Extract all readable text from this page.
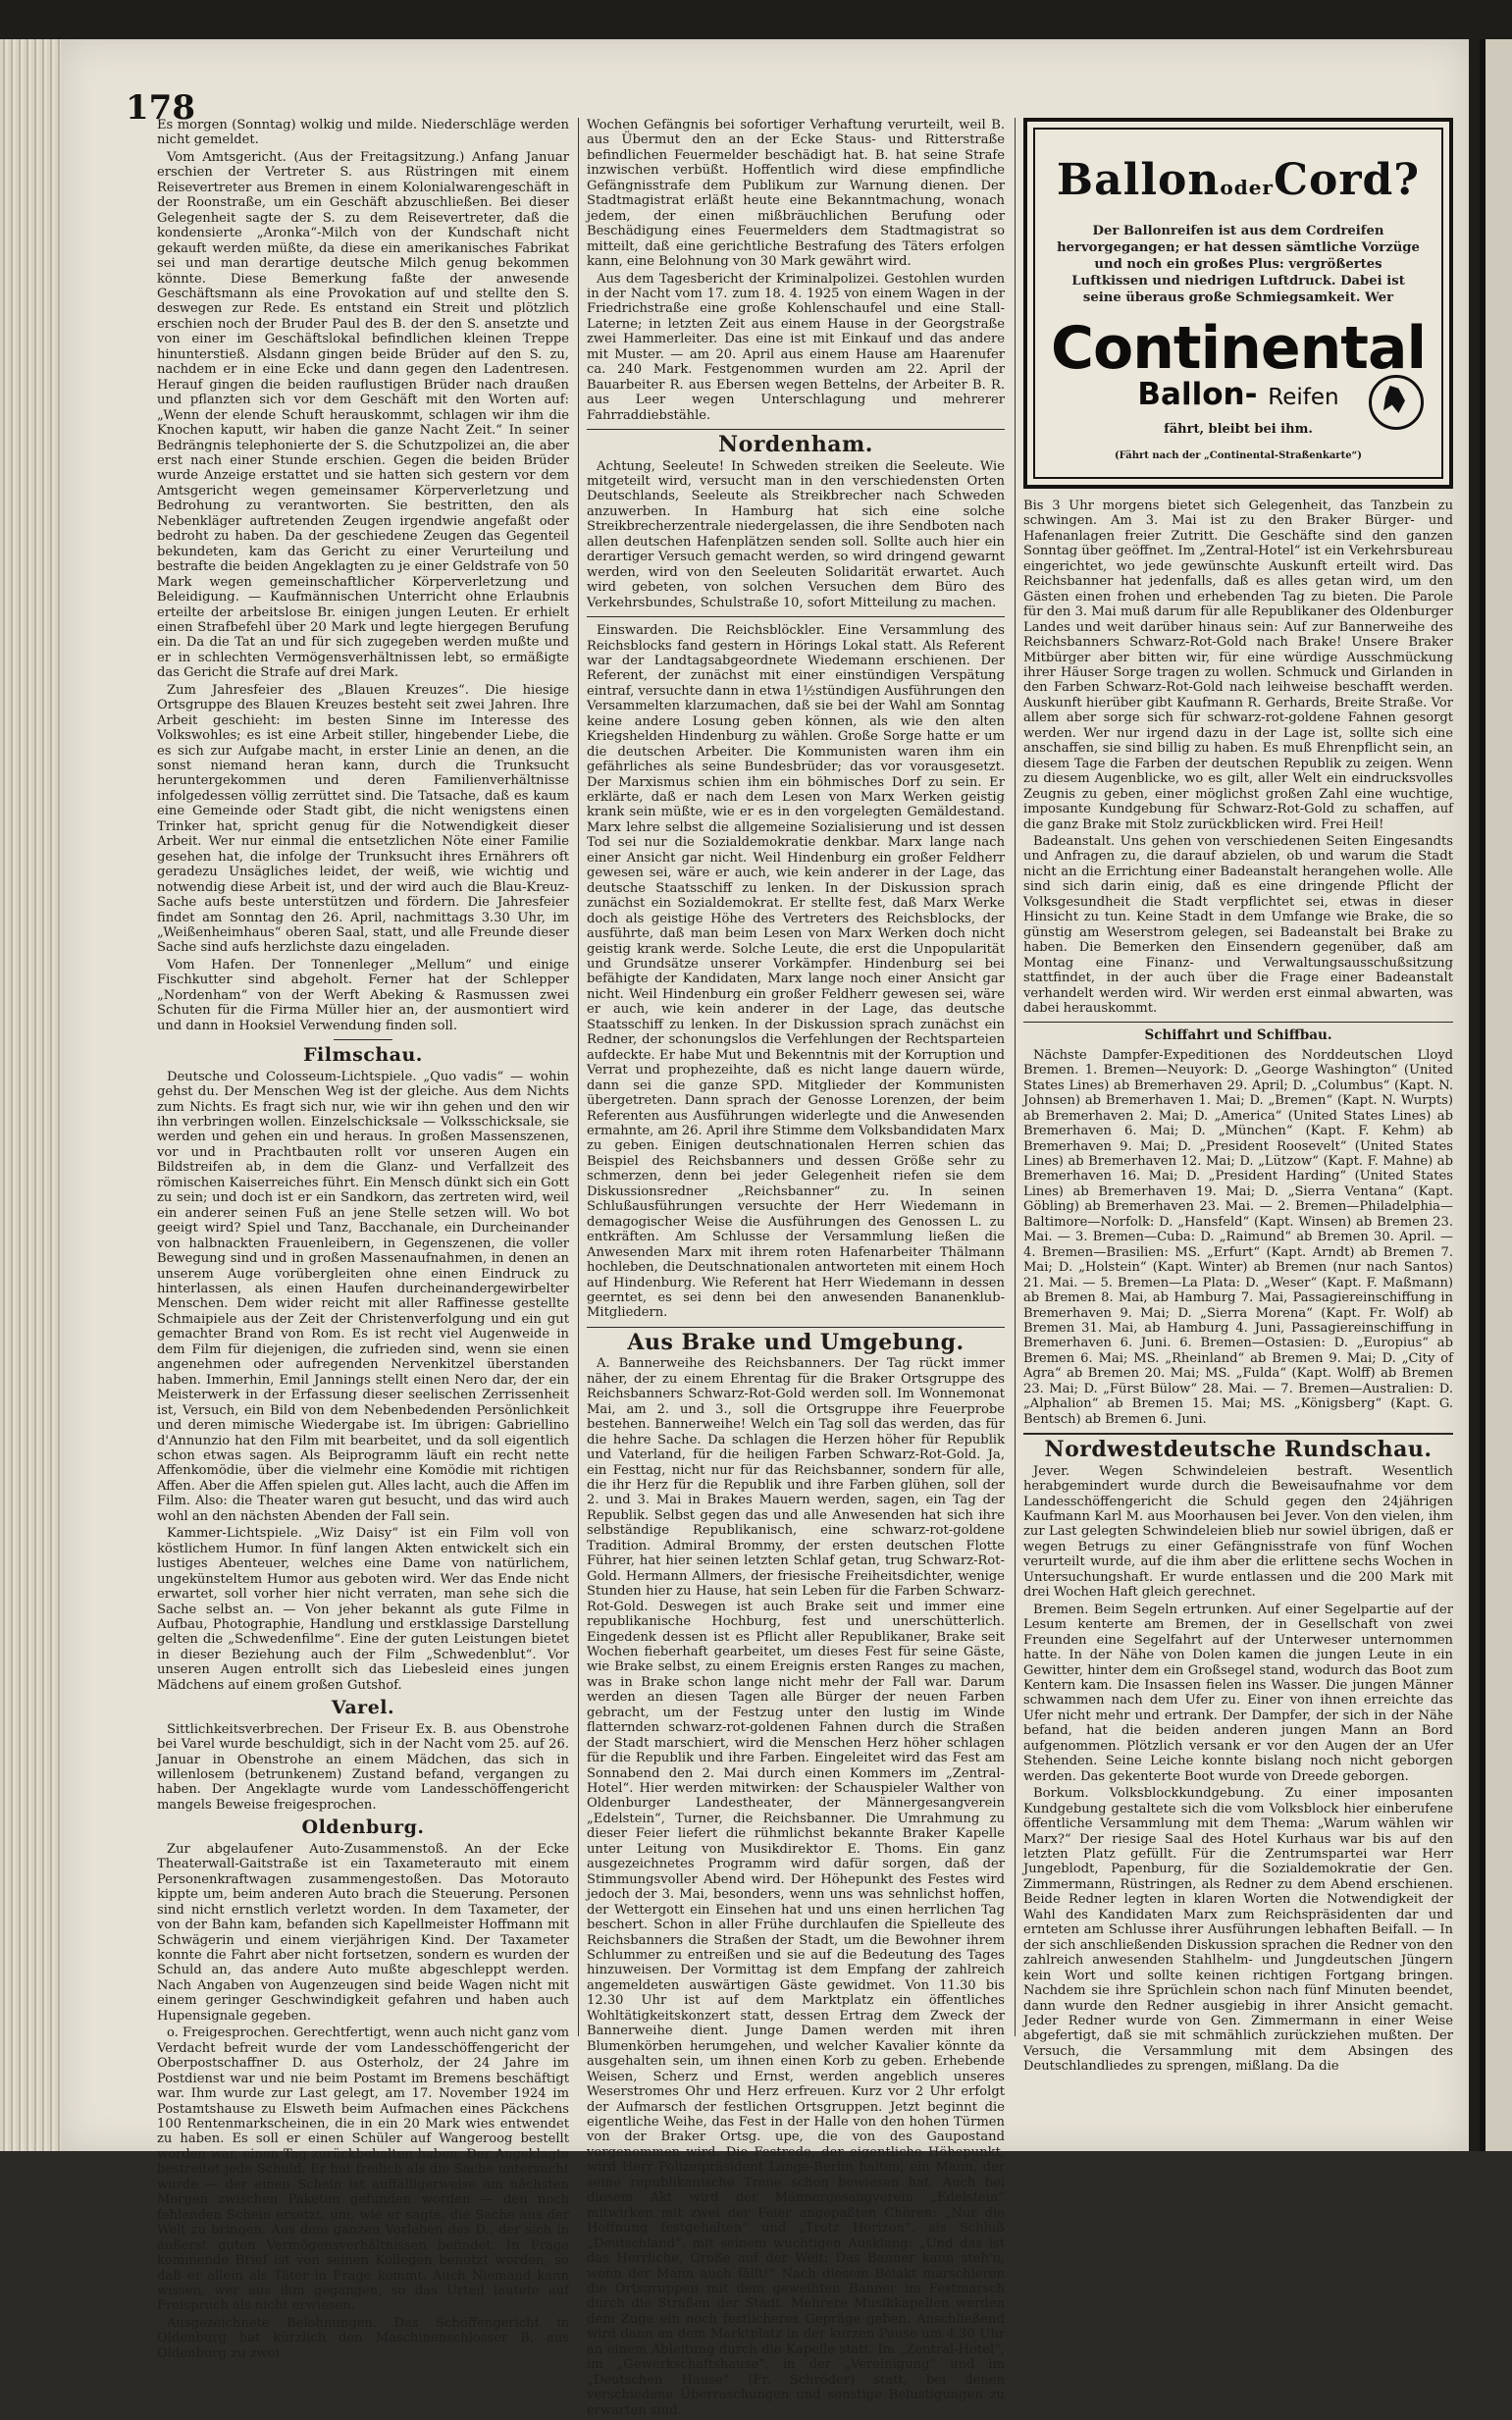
178

Es morgen (Sonntag) wolkig und milde. Niederschläge werden nicht gemeldet.

Vom Amtsgericht. (Aus der Freitagsitzung.) Anfang Januar erschien der Vertreter S. aus Rüstringen mit einem Reisevertreter aus Bremen in einem Kolonialwarengeschäft in der Roonstraße, um ein Geschäft abzuschließen. Bei dieser Gelegenheit sagte der S. zu dem Reisevertreter, daß die kondensierte „Aronka“-Milch von der Kundschaft nicht gekauft werden müßte, da diese ein amerikanisches Fabrikat sei und man derartige deutsche Milch genug bekommen könnte. Diese Bemerkung faßte der anwesende Geschäftsmann als eine Provokation auf und stellte den S. deswegen zur Rede. Es entstand ein Streit und plötzlich erschien noch der Bruder Paul des B. der den S. ansetzte und von einer im Geschäftslokal befindlichen kleinen Treppe hinunterstieß. Alsdann gingen beide Brüder auf den S. zu, nachdem er in eine Ecke und dann gegen den Ladentresen. Herauf gingen die beiden rauflustigen Brüder nach draußen und pflanzten sich vor dem Geschäft mit den Worten auf: „Wenn der elende Schuft herauskommt, schlagen wir ihm die Knochen kaputt, wir haben die ganze Nacht Zeit.“ In seiner Bedrängnis telephonierte der S. die Schutzpolizei an, die aber erst nach einer Stunde erschien. Gegen die beiden Brüder wurde Anzeige erstattet und sie hatten sich gestern vor dem Amtsgericht wegen gemeinsamer Körperverletzung und Bedrohung zu verantworten. Sie bestritten, den als Nebenkläger auftretenden Zeugen irgendwie angefaßt oder bedroht zu haben. Da der geschiedene Zeugen das Gegenteil bekundeten, kam das Gericht zu einer Verurteilung und bestrafte die beiden Angeklagten zu je einer Geldstrafe von 50 Mark wegen gemeinschaftlicher Körperverletzung und Beleidigung. — Kaufmännischen Unterricht ohne Erlaubnis erteilte der arbeitslose Br. einigen jungen Leuten. Er erhielt einen Strafbefehl über 20 Mark und legte hiergegen Berufung ein. Da die Tat an und für sich zugegeben werden mußte und er in schlechten Vermögensverhältnissen lebt, so ermäßigte das Gericht die Strafe auf drei Mark.

Zum Jahresfeier des „Blauen Kreuzes“. Die hiesige Ortsgruppe des Blauen Kreuzes besteht seit zwei Jahren. Ihre Arbeit geschieht: im besten Sinne im Interesse des Volkswohles; es ist eine Arbeit stiller, hingebender Liebe, die es sich zur Aufgabe macht, in erster Linie an denen, an die sonst niemand heran kann, durch die Trunksucht heruntergekommen und deren Familienverhältnisse infolgedessen völlig zerrüttet sind. Die Tatsache, daß es kaum eine Gemeinde oder Stadt gibt, die nicht wenigstens einen Trinker hat, spricht genug für die Notwendigkeit dieser Arbeit. Wer nur einmal die entsetzlichen Nöte einer Familie gesehen hat, die infolge der Trunksucht ihres Ernährers oft geradezu Unsägliches leidet, der weiß, wie wichtig und notwendig diese Arbeit ist, und der wird auch die Blau-Kreuz-Sache aufs beste unterstützen und fördern. Die Jahresfeier findet am Sonntag den 26. April, nachmittags 3.30 Uhr, im „Weißenheimhaus“ oberen Saal, statt, und alle Freunde dieser Sache sind aufs herzlichste dazu eingeladen.

Vom Hafen. Der Tonnenleger „Mellum“ und einige Fischkutter sind abgeholt. Ferner hat der Schlepper „Nordenham“ von der Werft Abeking & Rasmussen zwei Schuten für die Firma Müller hier an, der ausmontiert wird und dann in Hooksiel Verwendung finden soll.

Filmschau.

Deutsche und Colosseum-Lichtspiele. „Quo vadis“ — wohin gehst du. Der Menschen Weg ist der gleiche. Aus dem Nichts zum Nichts. Es fragt sich nur, wie wir ihn gehen und den wir ihn verbringen wollen. Einzelschicksale — Volksschicksale, sie werden und gehen ein und heraus. In großen Massenszenen, vor und in Prachtbauten rollt vor unseren Augen ein Bildstreifen ab, in dem die Glanz- und Verfallzeit des römischen Kaiserreiches führt. Ein Mensch dünkt sich ein Gott zu sein; und doch ist er ein Sandkorn, das zertreten wird, weil ein anderer seinen Fuß an jene Stelle setzen will. Wo bot geeigt wird? Spiel und Tanz, Bacchanale, ein Durcheinander von halbnackten Frauenleibern, in Gegenszenen, die voller Bewegung sind und in großen Massenaufnahmen, in denen an unserem Auge vorübergleiten ohne einen Eindruck zu hinterlassen, als einen Haufen durcheinandergewirbelter Menschen. Dem wider reicht mit aller Raffinesse gestellte Schmaipiele aus der Zeit der Christenverfolgung und ein gut gemachter Brand von Rom. Es ist recht viel Augenweide in dem Film für diejenigen, die zufrieden sind, wenn sie einen angenehmen oder aufregenden Nervenkitzel überstanden haben. Immerhin, Emil Jannings stellt einen Nero dar, der ein Meisterwerk in der Erfassung dieser seelischen Zerrissenheit ist, Versuch, ein Bild von dem Nebenbedenden Persönlichkeit und deren mimische Wiedergabe ist. Im übrigen: Gabriellino d'Annunzio hat den Film mit bearbeitet, und da soll eigentlich schon etwas sagen. Als Beiprogramm läuft ein recht nette Affenkomödie, über die vielmehr eine Komödie mit richtigen Affen. Aber die Affen spielen gut. Alles lacht, auch die Affen im Film. Also: die Theater waren gut besucht, und das wird auch wohl an den nächsten Abenden der Fall sein.

Kammer-Lichtspiele. „Wiz Daisy“ ist ein Film voll von köstlichem Humor. In fünf langen Akten entwickelt sich ein lustiges Abenteuer, welches eine Dame von natürlichem, ungekünsteltem Humor aus geboten wird. Wer das Ende nicht erwartet, soll vorher hier nicht verraten, man sehe sich die Sache selbst an. — Von jeher bekannt als gute Filme in Aufbau, Photographie, Handlung und erstklassige Darstellung gelten die „Schwedenfilme“. Eine der guten Leistungen bietet in dieser Beziehung auch der Film „Schwedenblut“. Vor unseren Augen entrollt sich das Liebesleid eines jungen Mädchens auf einem großen Gutshof.

Varel.

Sittlichkeitsverbrechen. Der Friseur Ex. B. aus Obenstrohe bei Varel wurde beschuldigt, sich in der Nacht vom 25. auf 26. Januar in Obenstrohe an einem Mädchen, das sich in willenlosem (betrunkenem) Zustand befand, vergangen zu haben. Der Angeklagte wurde vom Landesschöffengericht mangels Beweise freigesprochen.

Oldenburg.

Zur abgelaufener Auto-Zusammenstoß. An der Ecke Theaterwall-Gaitstraße ist ein Taxameterauto mit einem Personenkraftwagen zusammengestoßen. Das Motorauto kippte um, beim anderen Auto brach die Steuerung. Personen sind nicht ernstlich verletzt worden. In dem Taxameter, der von der Bahn kam, befanden sich Kapellmeister Hoffmann mit Schwägerin und einem vierjährigen Kind. Der Taxameter konnte die Fahrt aber nicht fortsetzen, sondern es wurden der Schuld an, das andere Auto mußte abgeschleppt werden. Nach Angaben von Augenzeugen sind beide Wagen nicht mit einem geringer Geschwindigkeit gefahren und haben auch Hupensignale gegeben.

o. Freigesprochen. Gerechtfertigt, wenn auch nicht ganz vom Verdacht befreit wurde der vom Landesschöffengericht der Oberpostschaffner D. aus Osterholz, der 24 Jahre im Postdienst war und nie beim Postamt im Bremens beschäftigt war. Ihm wurde zur Last gelegt, am 17. November 1924 im Postamtshause zu Elsweth beim Aufmachen eines Päckchens 100 Rentenmarkscheinen, die in ein 20 Mark wies entwendet zu haben. Es soll er einen Schüler auf Wangeroog bestellt worden war, einen Tag zurückbehalten haben. Der Angeklagte bestreitet jede Schuld. Er hat freilich als die Sache untersucht wurde — der einen Schein ist auffälligerweise am nächsten Morgen zwischen Paketen gefunden worden — den noch fehlenden Schein ersetzt, um, wie er sagte, die Sache aus der Welt zu bringen. Aus dem ganzen Vorleben des D., der sich in äußerst guten Vermögensverhältnissen befindet. In Frage kommende Brief ist von seinen Kollegen benutzt worden, so daß er allein als Täter in Frage kommt. Auch Niemand kann wissen, wer aus ihm gegangen, so das Urteil lautete auf Freispruch als nicht erwiesen.

Ausgezeichnete Belohnungen. Das Schöffengericht in Oldenburg hat kürzlich den Maschinenschlosser B. aus Oldenburg zu zwei

Wochen Gefängnis bei sofortiger Verhaftung verurteilt, weil B. aus Übermut den an der Ecke Staus- und Ritterstraße befindlichen Feuermelder beschädigt hat. B. hat seine Strafe inzwischen verbüßt. Hoffentlich wird diese empfindliche Gefängnisstrafe dem Publikum zur Warnung dienen. Der Stadtmagistrat erläßt heute eine Bekanntmachung, wonach jedem, der einen mißbräuchlichen Berufung oder Beschädigung eines Feuermelders dem Stadtmagistrat so mitteilt, daß eine gerichtliche Bestrafung des Täters erfolgen kann, eine Belohnung von 30 Mark gewährt wird.

Aus dem Tagesbericht der Kriminalpolizei. Gestohlen wurden in der Nacht vom 17. zum 18. 4. 1925 von einem Wagen in der Friedrichstraße eine große Kohlenschaufel und eine Stall-Laterne; in letzten Zeit aus einem Hause in der Georgstraße zwei Hammerleiter. Das eine ist mit Einkauf und das andere mit Muster. — am 20. April aus einem Hause am Haarenufer ca. 240 Mark. Festgenommen wurden am 22. April der Bauarbeiter R. aus Ebersen wegen Bettelns, der Arbeiter B. R. aus Leer wegen Unterschlagung und mehrerer Fahrraddiebstähle.

Nordenham.

Achtung, Seeleute! In Schweden streiken die Seeleute. Wie mitgeteilt wird, versucht man in den verschiedensten Orten Deutschlands, Seeleute als Streikbrecher nach Schweden anzuwerben. In Hamburg hat sich eine solche Streikbrecherzentrale niedergelassen, die ihre Sendboten nach allen deutschen Hafenplätzen senden soll. Sollte auch hier ein derartiger Versuch gemacht werden, so wird dringend gewarnt werden, wird von den Seeleuten Solidarität erwartet. Auch wird gebeten, von solchen Versuchen dem Büro des Verkehrsbundes, Schulstraße 10, sofort Mitteilung zu machen.

Einswarden. Die Reichsblöckler. Eine Versammlung des Reichsblocks fand gestern in Hörings Lokal statt. Als Referent war der Landtagsabgeordnete Wiedemann erschienen. Der Referent, der zunächst mit einer einstündigen Verspätung eintraf, versuchte dann in etwa 1½stündigen Ausführungen den Versammelten klarzumachen, daß sie bei der Wahl am Sonntag keine andere Losung geben können, als wie den alten Kriegshelden Hindenburg zu wählen. Große Sorge hatte er um die deutschen Arbeiter. Die Kommunisten waren ihm ein gefährliches als seine Bundesbrüder; das vor vorausgesetzt. Der Marxismus schien ihm ein böhmisches Dorf zu sein. Er erklärte, daß er nach dem Lesen von Marx Werken geistig krank sein müßte, wie er es in den vorgelegten Gemäldestand. Marx lehre selbst die allgemeine Sozialisierung und ist dessen Tod sei nur die Sozialdemokratie denkbar. Marx lange nach einer Ansicht gar nicht. Weil Hindenburg ein großer Feldherr gewesen sei, wäre er auch, wie kein anderer in der Lage, das deutsche Staatsschiff zu lenken. In der Diskussion sprach zunächst ein Sozialdemokrat. Er stellte fest, daß Marx Werke doch als geistige Höhe des Vertreters des Reichsblocks, der ausführte, daß man beim Lesen von Marx Werken doch nicht geistig krank werde. Solche Leute, die erst die Unpopularität und Grundsätze unserer Vorkämpfer. Hindenburg sei bei befähigte der Kandidaten, Marx lange noch einer Ansicht gar nicht. Weil Hindenburg ein großer Feldherr gewesen sei, wäre er auch, wie kein anderer in der Lage, das deutsche Staatsschiff zu lenken. In der Diskussion sprach zunächst ein Redner, der schonungslos die Verfehlungen der Rechtsparteien aufdeckte. Er habe Mut und Bekenntnis mit der Korruption und Verrat und prophezeihte, daß es nicht lange dauern würde, dann sei die ganze SPD. Mitglieder der Kommunisten übergetreten. Dann sprach der Genosse Lorenzen, der beim Referenten aus Ausführungen widerlegte und die Anwesenden ermahnte, am 26. April ihre Stimme dem Volksbandidaten Marx zu geben. Einigen deutschnationalen Herren schien das Beispiel des Reichsbanners und dessen Größe sehr zu schmerzen, denn bei jeder Gelegenheit riefen sie dem Diskussionsredner „Reichsbanner“ zu. In seinen Schlußausführungen versuchte der Herr Wiedemann in demagogischer Weise die Ausführungen des Genossen L. zu entkräften. Am Schlusse der Versammlung ließen die Anwesenden Marx mit ihrem roten Hafenarbeiter Thälmann hochleben, die Deutschnationalen antworteten mit einem Hoch auf Hindenburg. Wie Referent hat Herr Wiedemann in dessen geerntet, es sei denn bei den anwesenden Bananenklub-Mitgliedern.

Aus Brake und Umgebung.

A. Bannerweihe des Reichsbanners. Der Tag rückt immer näher, der zu einem Ehrentag für die Braker Ortsgruppe des Reichsbanners Schwarz-Rot-Gold werden soll. Im Wonnemonat Mai, am 2. und 3., soll die Ortsgruppe ihre Feuerprobe bestehen. Bannerweihe! Welch ein Tag soll das werden, das für die hehre Sache. Da schlagen die Herzen höher für Republik und Vaterland, für die heiligen Farben Schwarz-Rot-Gold. Ja, ein Festtag, nicht nur für das Reichsbanner, sondern für alle, die ihr Herz für die Republik und ihre Farben glühen, soll der 2. und 3. Mai in Brakes Mauern werden, sagen, ein Tag der Republik. Selbst gegen das und alle Anwesenden hat sich ihre selbständige Republikanisch, eine schwarz-rot-goldene Tradition. Admiral Brommy, der ersten deutschen Flotte Führer, hat hier seinen letzten Schlaf getan, trug Schwarz-Rot-Gold. Hermann Allmers, der friesische Freiheitsdichter, wenige Stunden hier zu Hause, hat sein Leben für die Farben Schwarz-Rot-Gold. Deswegen ist auch Brake seit und immer eine republikanische Hochburg, fest und unerschütterlich. Eingedenk dessen ist es Pflicht aller Republikaner, Brake seit Wochen fieberhaft gearbeitet, um dieses Fest für seine Gäste, wie Brake selbst, zu einem Ereignis ersten Ranges zu machen, was in Brake schon lange nicht mehr der Fall war. Darum werden an diesen Tagen alle Bürger der neuen Farben gebracht, um der Festzug unter den lustig im Winde flatternden schwarz-rot-goldenen Fahnen durch die Straßen der Stadt marschiert, wird die Menschen Herz höher schlagen für die Republik und ihre Farben. Eingeleitet wird das Fest am Sonnabend den 2. Mai durch einen Kommers im „Zentral-Hotel“. Hier werden mitwirken: der Schauspieler Walther von Oldenburger Landestheater, der Männergesangverein „Edelstein“, Turner, die Reichsbanner. Die Umrahmung zu dieser Feier liefert die rühmlichst bekannte Braker Kapelle unter Leitung von Musikdirektor E. Thoms. Ein ganz ausgezeichnetes Programm wird dafür sorgen, daß der Stimmungsvoller Abend wird. Der Höhepunkt des Festes wird jedoch der 3. Mai, besonders, wenn uns was sehnlichst hoffen, der Wettergott ein Einsehen hat und uns einen herrlichen Tag beschert. Schon in aller Frühe durchlaufen die Spielleute des Reichsbanners die Straßen der Stadt, um die Bewohner ihrem Schlummer zu entreißen und sie auf die Bedeutung des Tages hinzuweisen. Der Vormittag ist dem Empfang der zahlreich angemeldeten auswärtigen Gäste gewidmet. Von 11.30 bis 12.30 Uhr ist auf dem Marktplatz ein öffentliches Wohltätigkeitskonzert statt, dessen Ertrag dem Zweck der Bannerweihe dient. Junge Damen werden mit ihren Blumenkörben herumgehen, und welcher Kavalier könnte da ausgehalten sein, um ihnen einen Korb zu geben. Erhebende Weisen, Scherz und Ernst, werden angeblich unseres Weserstromes Ohr und Herz erfreuen. Kurz vor 2 Uhr erfolgt der Aufmarsch der festlichen Ortsgruppen. Jetzt beginnt die eigentliche Weihe, das Fest in der Halle von den hohen Türmen von der Braker Ortsg. upe, die von des Gaupostand vorgenommen wird. Die Festrede, der eigentliche Höhepunkt, wird Herr Polizeipräsident Lange-Berlin halten, ein Mann, der seine republikanische Treue schon bewiesen hat. Auch bei diesem Akt wird der Männergesangverein „Edelstein“ mitwirken mit zwei der Feier angepaßten Chören: „Nur die Hoffnung festgehalten“ und „Trotz Horizon“, als Schluß „Deutschland“, mit seinem wuchtigen Ausklang: „Und das ist das Herrliche, Große auf der Welt: Das Banner kann steh'n, wenn der Mann auch fällt!“ Nach diesem Beiakt marschieren die Ortsgruppen mit dem geweihten Banner im Festmarsch durch die Straßen der Stadt. Mehrere Musikkapellen werden dem Zuge ein noch festlicheres Gepräge geben. Anschließend wird dann an dem Marktplatz in der kurzen Pause um 4.30 Uhr an einem Ableitung durch die Kapelle statt. Im „Zentral-Hotel“, im „Gewerkschaftshause“, in der „Vereinigung“ und im „Deutschen Hause“ (Fr. Schröder) statt, bei denen verschiedene Überraschungen und sonstige Belustigungen zu erwarten sind.

BallonoderCord?
Der Ballonreifen ist aus dem Cordreifen hervorgegangen; er hat dessen sämtliche Vorzüge und noch ein großes Plus: vergrößertes Luftkissen und niedrigen Luftdruck. Dabei ist seine überaus große Schmiegsamkeit. Wer
Continental
Ballon- Reifen
fährt, bleibt bei ihm.
(Fährt nach der „Continental-Straßenkarte“)

Bis 3 Uhr morgens bietet sich Gelegenheit, das Tanzbein zu schwingen. Am 3. Mai ist zu den Braker Bürger- und Hafenanlagen freier Zutritt. Die Geschäfte sind den ganzen Sonntag über geöffnet. Im „Zentral-Hotel“ ist ein Verkehrsbureau eingerichtet, wo jede gewünschte Auskunft erteilt wird. Das Reichsbanner hat jedenfalls, daß es alles getan wird, um den Gästen einen frohen und erhebenden Tag zu bieten. Die Parole für den 3. Mai muß darum für alle Republikaner des Oldenburger Landes und weit darüber hinaus sein: Auf zur Bannerweihe des Reichsbanners Schwarz-Rot-Gold nach Brake! Unsere Braker Mitbürger aber bitten wir, für eine würdige Ausschmückung ihrer Häuser Sorge tragen zu wollen. Schmuck und Girlanden in den Farben Schwarz-Rot-Gold nach leihweise beschafft werden. Auskunft hierüber gibt Kaufmann R. Gerhards, Breite Straße. Vor allem aber sorge sich für schwarz-rot-goldene Fahnen gesorgt werden. Wer nur irgend dazu in der Lage ist, sollte sich eine anschaffen, sie sind billig zu haben. Es muß Ehrenpflicht sein, an diesem Tage die Farben der deutschen Republik zu zeigen. Wenn zu diesem Augenblicke, wo es gilt, aller Welt ein eindrucksvolles Zeugnis zu geben, einer möglichst großen Zahl eine wuchtige, imposante Kundgebung für Schwarz-Rot-Gold zu schaffen, auf die ganz Brake mit Stolz zurückblicken wird. Frei Heil!

Badeanstalt. Uns gehen von verschiedenen Seiten Eingesandts und Anfragen zu, die darauf abzielen, ob und warum die Stadt nicht an die Errichtung einer Badeanstalt herangehen wolle. Alle sind sich darin einig, daß es eine dringende Pflicht der Volksgesundheit die Stadt verpflichtet sei, etwas in dieser Hinsicht zu tun. Keine Stadt in dem Umfange wie Brake, die so günstig am Weserstrom gelegen, sei Badeanstalt bei Brake zu haben. Die Bemerken den Einsendern gegenüber, daß am Montag eine Finanz- und Verwaltungsausschußsitzung stattfindet, in der auch über die Frage einer Badeanstalt verhandelt werden wird. Wir werden erst einmal abwarten, was dabei herauskommt.

Schiffahrt und Schiffbau.

Nächste Dampfer-Expeditionen des Norddeutschen Lloyd Bremen. 1. Bremen—Neuyork: D. „George Washington“ (United States Lines) ab Bremerhaven 29. April; D. „Columbus“ (Kapt. N. Johnsen) ab Bremerhaven 1. Mai; D. „Bremen“ (Kapt. N. Wurpts) ab Bremerhaven 2. Mai; D. „America“ (United States Lines) ab Bremerhaven 6. Mai; D. „München“ (Kapt. F. Kehm) ab Bremerhaven 9. Mai; D. „President Roosevelt“ (United States Lines) ab Bremerhaven 12. Mai; D. „Lützow“ (Kapt. F. Mahne) ab Bremerhaven 16. Mai; D. „President Harding“ (United States Lines) ab Bremerhaven 19. Mai; D. „Sierra Ventana“ (Kapt. Göbling) ab Bremerhaven 23. Mai. — 2. Bremen—Philadelphia—Baltimore—Norfolk: D. „Hansfeld“ (Kapt. Winsen) ab Bremen 23. Mai. — 3. Bremen—Cuba: D. „Raimund“ ab Bremen 30. April. — 4. Bremen—Brasilien: MS. „Erfurt“ (Kapt. Arndt) ab Bremen 7. Mai; D. „Holstein“ (Kapt. Winter) ab Bremen (nur nach Santos) 21. Mai. — 5. Bremen—La Plata: D. „Weser“ (Kapt. F. Maßmann) ab Bremen 8. Mai, ab Hamburg 7. Mai, Passagiereinschiffung in Bremerhaven 9. Mai; D. „Sierra Morena“ (Kapt. Fr. Wolf) ab Bremen 31. Mai, ab Hamburg 4. Juni, Passagiereinschiffung in Bremerhaven 6. Juni. 6. Bremen—Ostasien: D. „Europius“ ab Bremen 6. Mai; MS. „Rheinland“ ab Bremen 9. Mai; D. „City of Agra“ ab Bremen 20. Mai; MS. „Fulda“ (Kapt. Wolff) ab Bremen 23. Mai; D. „Fürst Bülow“ 28. Mai. — 7. Bremen—Australien: D. „Alphalion“ ab Bremen 15. Mai; MS. „Königsberg“ (Kapt. G. Bentsch) ab Bremen 6. Juni.

Nordwestdeutsche Rundschau.

Jever. Wegen Schwindeleien bestraft. Wesentlich herabgemindert wurde durch die Beweisaufnahme vor dem Landesschöffengericht die Schuld gegen den 24jährigen Kaufmann Karl M. aus Moorhausen bei Jever. Von den vielen, ihm zur Last gelegten Schwindeleien blieb nur sowiel übrigen, daß er wegen Betrugs zu einer Gefängnisstrafe von fünf Wochen verurteilt wurde, auf die ihm aber die erlittene sechs Wochen in Untersuchungshaft. Er wurde entlassen und die 200 Mark mit drei Wochen Haft gleich gerechnet.

Bremen. Beim Segeln ertrunken. Auf einer Segelpartie auf der Lesum kenterte am Bremen, der in Gesellschaft von zwei Freunden eine Segelfahrt auf der Unterweser unternommen hatte. In der Nähe von Dolen kamen die jungen Leute in ein Gewitter, hinter dem ein Großsegel stand, wodurch das Boot zum Kentern kam. Die Insassen fielen ins Wasser. Die jungen Männer schwammen nach dem Ufer zu. Einer von ihnen erreichte das Ufer nicht mehr und ertrank. Der Dampfer, der sich in der Nähe befand, hat die beiden anderen jungen Mann an Bord aufgenommen. Plötzlich versank er vor den Augen der an Ufer Stehenden. Seine Leiche konnte bislang noch nicht geborgen werden. Das gekenterte Boot wurde von Dreede geborgen.

Borkum. Volksblockkundgebung. Zu einer imposanten Kundgebung gestaltete sich die vom Volksblock hier einberufene öffentliche Versammlung mit dem Thema: „Warum wählen wir Marx?“ Der riesige Saal des Hotel Kurhaus war bis auf den letzten Platz gefüllt. Für die Zentrumspartei war Herr Jungeblodt, Papenburg, für die Sozialdemokratie der Gen. Zimmermann, Rüstringen, als Redner zu dem Abend erschienen. Beide Redner legten in klaren Worten die Notwendigkeit der Wahl des Kandidaten Marx zum Reichspräsidenten dar und ernteten am Schlusse ihrer Ausführungen lebhaften Beifall. — In der sich anschließenden Diskussion sprachen die Redner von den zahlreich anwesenden Stahlhelm- und Jungdeutschen Jüngern kein Wort und sollte keinen richtigen Fortgang bringen. Nachdem sie ihre Sprüchlein schon nach fünf Minuten beendet, dann wurde den Redner ausgiebig in ihrer Ansicht gemacht. Jeder Redner wurde von Gen. Zimmermann in einer Weise abgefertigt, daß sie mit schmählich zurückziehen mußten. Der Versuch, die Versammlung mit dem Absingen des Deutschlandliedes zu sprengen, mißlang. Da die
